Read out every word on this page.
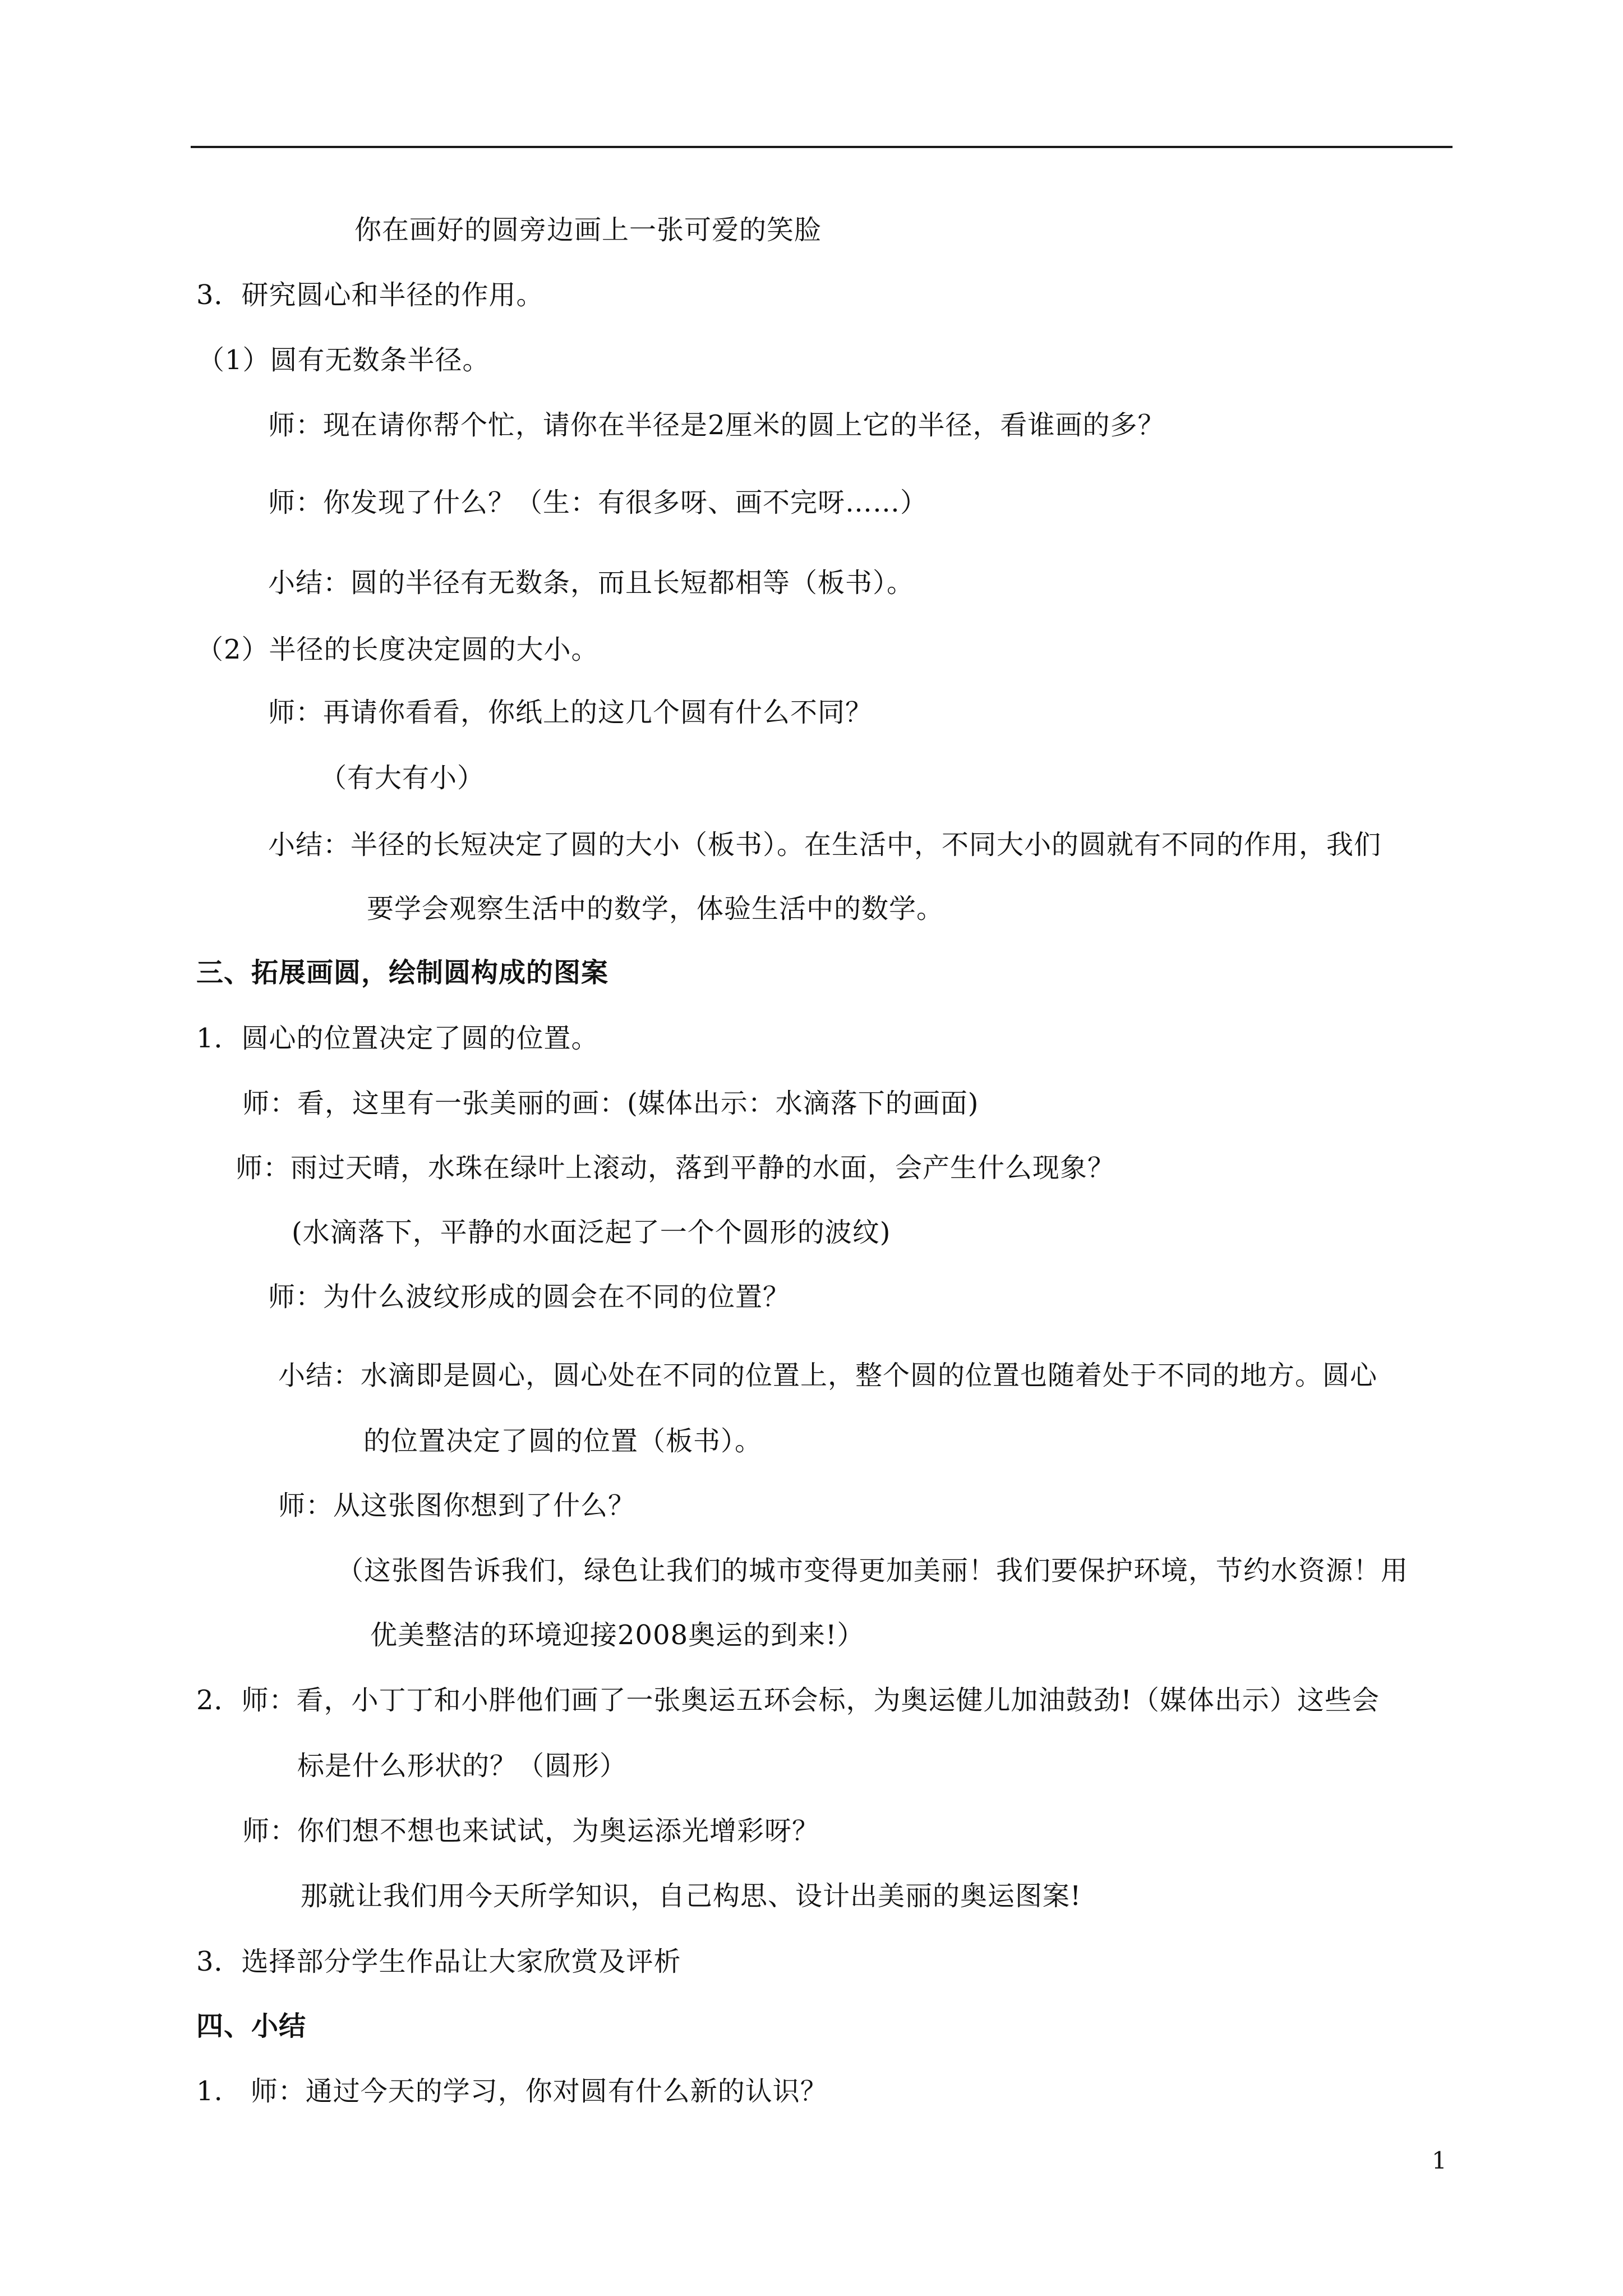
你在画好的圆旁边画上一张可爱的笑脸
3．研究圆心和半径的作用。
（1）圆有无数条半径。
师：现在请你帮个忙，请你在半径是2厘米的圆上它的半径，看谁画的多？
师：你发现了什么？（生：有很多呀、画不完呀……）
小结：圆的半径有无数条，而且长短都相等（板书）。
（2）半径的长度决定圆的大小。
师：再请你看看，你纸上的这几个圆有什么不同？
（有大有小）
小结：半径的长短决定了圆的大小（板书）。在生活中，不同大小的圆就有不同的作用，我们
要学会观察生活中的数学，体验生活中的数学。
三、拓展画圆，绘制圆构成的图案
1．圆心的位置决定了圆的位置。
师：看，这里有一张美丽的画：(媒体出示：水滴落下的画面)
师：雨过天晴，水珠在绿叶上滚动，落到平静的水面，会产生什么现象？
(水滴落下，平静的水面泛起了一个个圆形的波纹)
师：为什么波纹形成的圆会在不同的位置？
小结：水滴即是圆心，圆心处在不同的位置上，整个圆的位置也随着处于不同的地方。圆心
的位置决定了圆的位置（板书）。
师：从这张图你想到了什么？
（这张图告诉我们，绿色让我们的城市变得更加美丽！我们要保护环境，节约水资源！用
优美整洁的环境迎接2008奥运的到来!）
2．师：看，小丁丁和小胖他们画了一张奥运五环会标，为奥运健儿加油鼓劲!（媒体出示）这些会
标是什么形状的？（圆形）
师：你们想不想也来试试，为奥运添光增彩呀？
那就让我们用今天所学知识，自己构思、设计出美丽的奥运图案!
3．选择部分学生作品让大家欣赏及评析
四、小结
1.　师：通过今天的学习，你对圆有什么新的认识？
1
